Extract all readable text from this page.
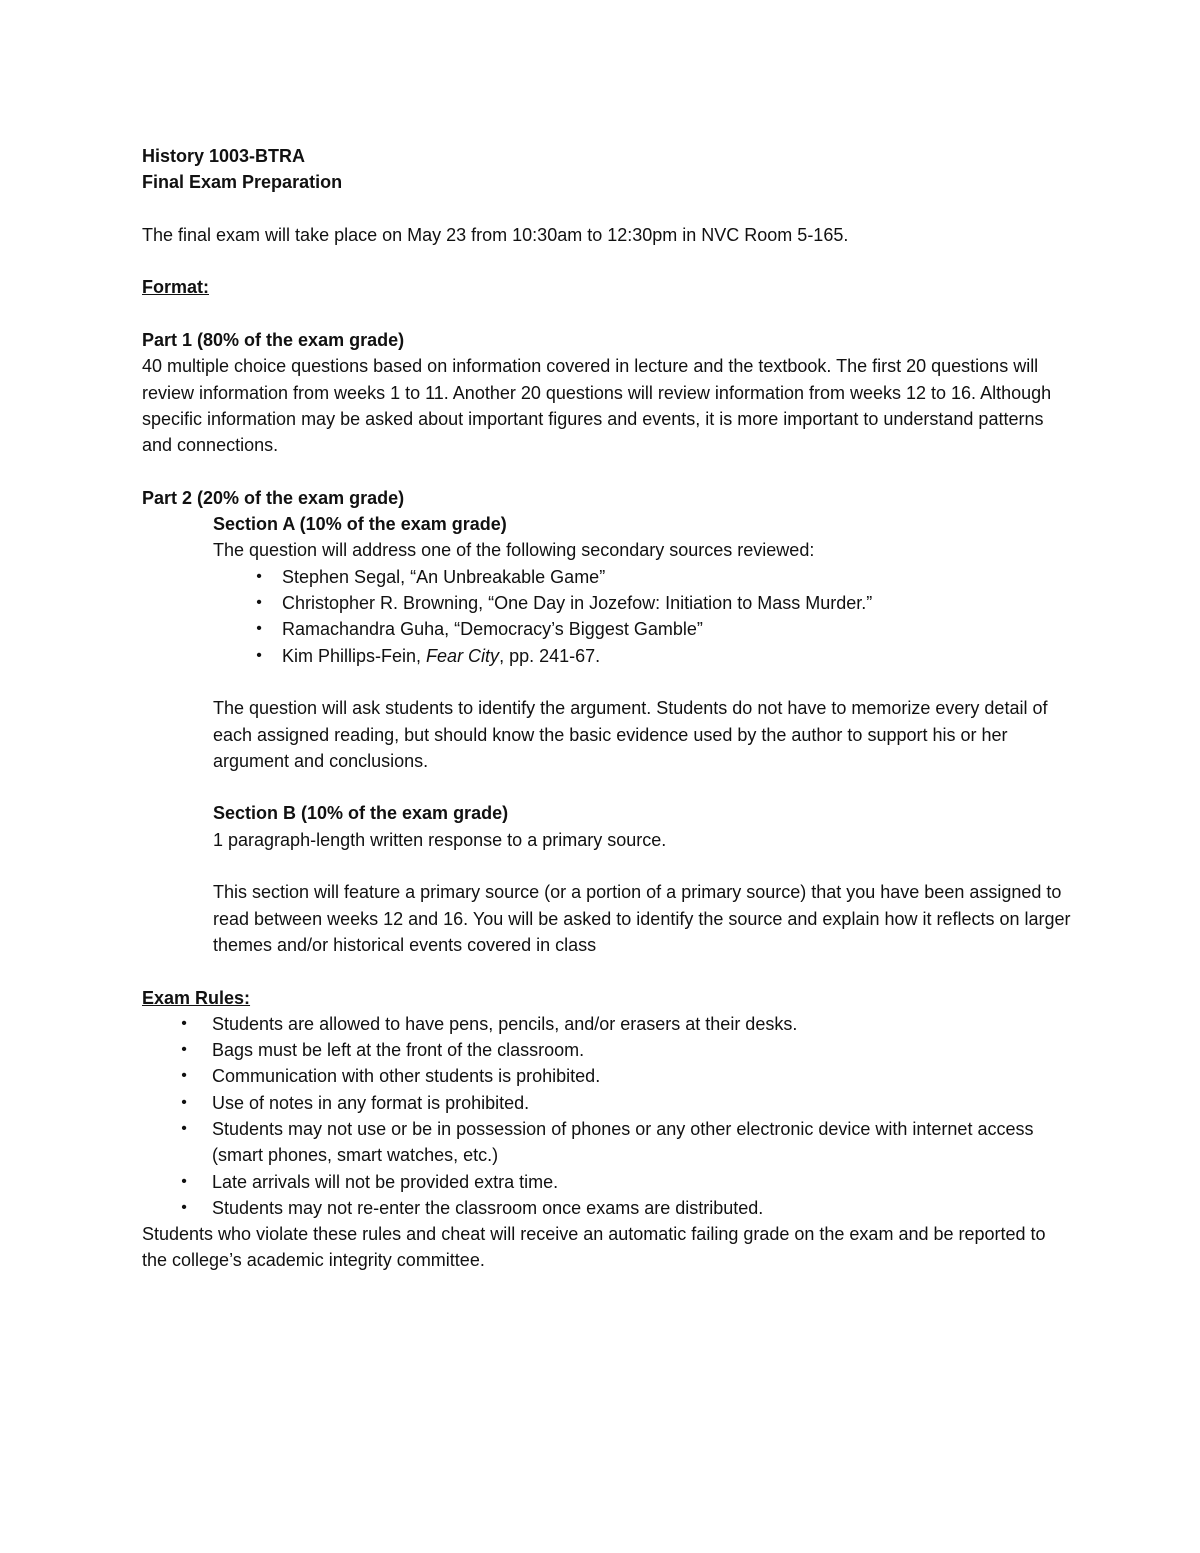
History 1003-BTRA

Final Exam Preparation

The final exam will take place on May 23 from 10:30am to 12:30pm in NVC Room 5-165.

Format:

Part 1 (80% of the exam grade)

40 multiple choice questions based on information covered in lecture and the textbook. The first 20 questions will review information from weeks 1 to 11. Another 20 questions will review information from weeks 12 to 16. Although specific information may be asked about important figures and events, it is more important to understand patterns and connections.

Part 2 (20% of the exam grade)

Section A (10% of the exam grade)

The question will address one of the following secondary sources reviewed:

•	Stephen Segal, “An Unbreakable Game”
•	Christopher R. Browning, “One Day in Jozefow: Initiation to Mass Murder.”
•	Ramachandra Guha, “Democracy’s Biggest Gamble”
•	Kim Phillips-Fein, Fear City, pp. 241-67.

The question will ask students to identify the argument. Students do not have to memorize every detail of each assigned reading, but should know the basic evidence used by the author to support his or her argument and conclusions.

Section B (10% of the exam grade)

1 paragraph-length written response to a primary source.

This section will feature a primary source (or a portion of a primary source) that you have been assigned to read between weeks 12 and 16. You will be asked to identify the source and explain how it reflects on larger themes and/or historical events covered in class

Exam Rules:

•	Students are allowed to have pens, pencils, and/or erasers at their desks.
•	Bags must be left at the front of the classroom.
•	Communication with other students is prohibited.
•	Use of notes in any format is prohibited.
•	Students may not use or be in possession of phones or any other electronic device with internet access (smart phones, smart watches, etc.)
•	Late arrivals will not be provided extra time.
•	Students may not re-enter the classroom once exams are distributed.

Students who violate these rules and cheat will receive an automatic failing grade on the exam and be reported to the college’s academic integrity committee.
